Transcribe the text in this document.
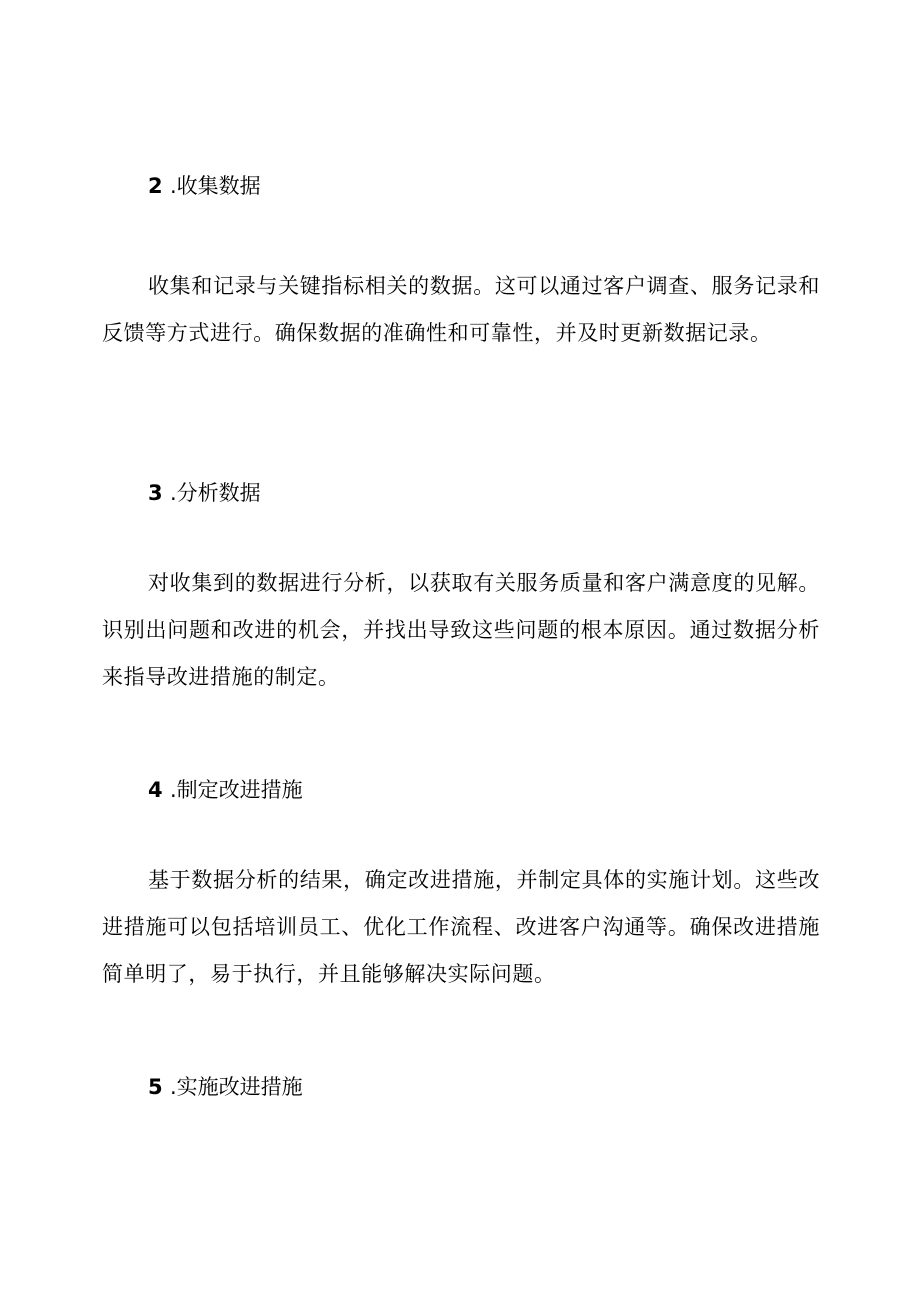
2 .收集数据

收集和记录与关键指标相关的数据。这可以通过客户调查、服务记录和反馈等方式进行。确保数据的准确性和可靠性，并及时更新数据记录。

3 .分析数据

对收集到的数据进行分析，以获取有关服务质量和客户满意度的见解。识别出问题和改进的机会，并找出导致这些问题的根本原因。通过数据分析来指导改进措施的制定。

4 .制定改进措施

基于数据分析的结果，确定改进措施，并制定具体的实施计划。这些改进措施可以包括培训员工、优化工作流程、改进客户沟通等。确保改进措施简单明了，易于执行，并且能够解决实际问题。

5 .实施改进措施
